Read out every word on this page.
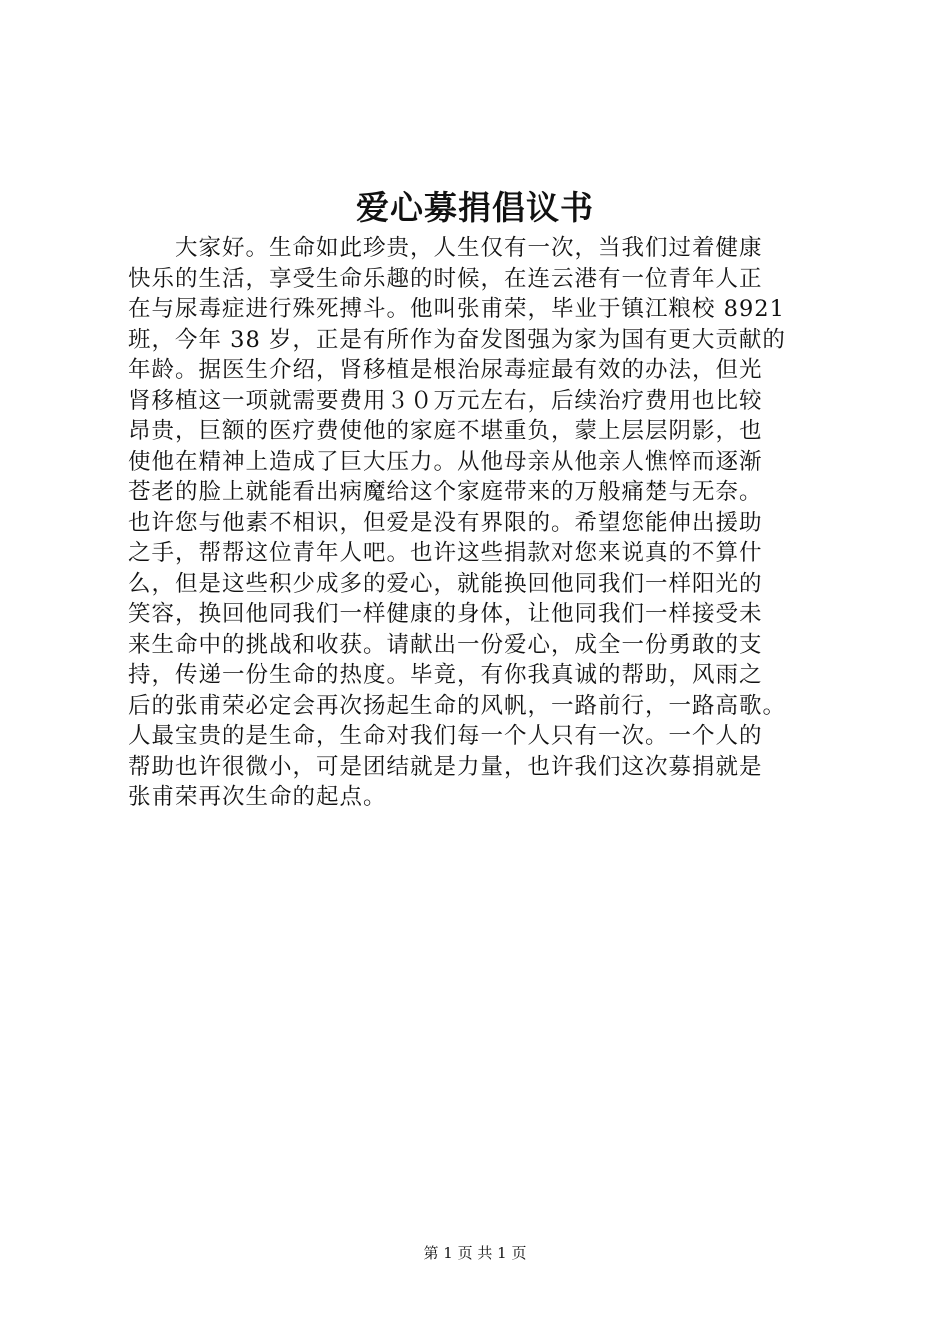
爱心募捐倡议书
　　大家好。生命如此珍贵，人生仅有一次，当我们过着健康
快乐的生活，享受生命乐趣的时候，在连云港有一位青年人正
在与尿毒症进行殊死搏斗。他叫张甫荣，毕业于镇江粮校 8921
班，今年 38 岁，正是有所作为奋发图强为家为国有更大贡献的
年龄。据医生介绍，肾移植是根治尿毒症最有效的办法，但光
肾移植这一项就需要费用３０万元左右，后续治疗费用也比较
昂贵，巨额的医疗费使他的家庭不堪重负，蒙上层层阴影，也
使他在精神上造成了巨大压力。从他母亲从他亲人憔悴而逐渐
苍老的脸上就能看出病魔给这个家庭带来的万般痛楚与无奈。
也许您与他素不相识，但爱是没有界限的。希望您能伸出援助
之手，帮帮这位青年人吧。也许这些捐款对您来说真的不算什
么，但是这些积少成多的爱心，就能换回他同我们一样阳光的
笑容，换回他同我们一样健康的身体，让他同我们一样接受未
来生命中的挑战和收获。请献出一份爱心，成全一份勇敢的支
持，传递一份生命的热度。毕竟，有你我真诚的帮助，风雨之
后的张甫荣必定会再次扬起生命的风帆，一路前行，一路高歌。
人最宝贵的是生命，生命对我们每一个人只有一次。一个人的
帮助也许很微小，可是团结就是力量，也许我们这次募捐就是
张甫荣再次生命的起点。
第 1 页 共 1 页
